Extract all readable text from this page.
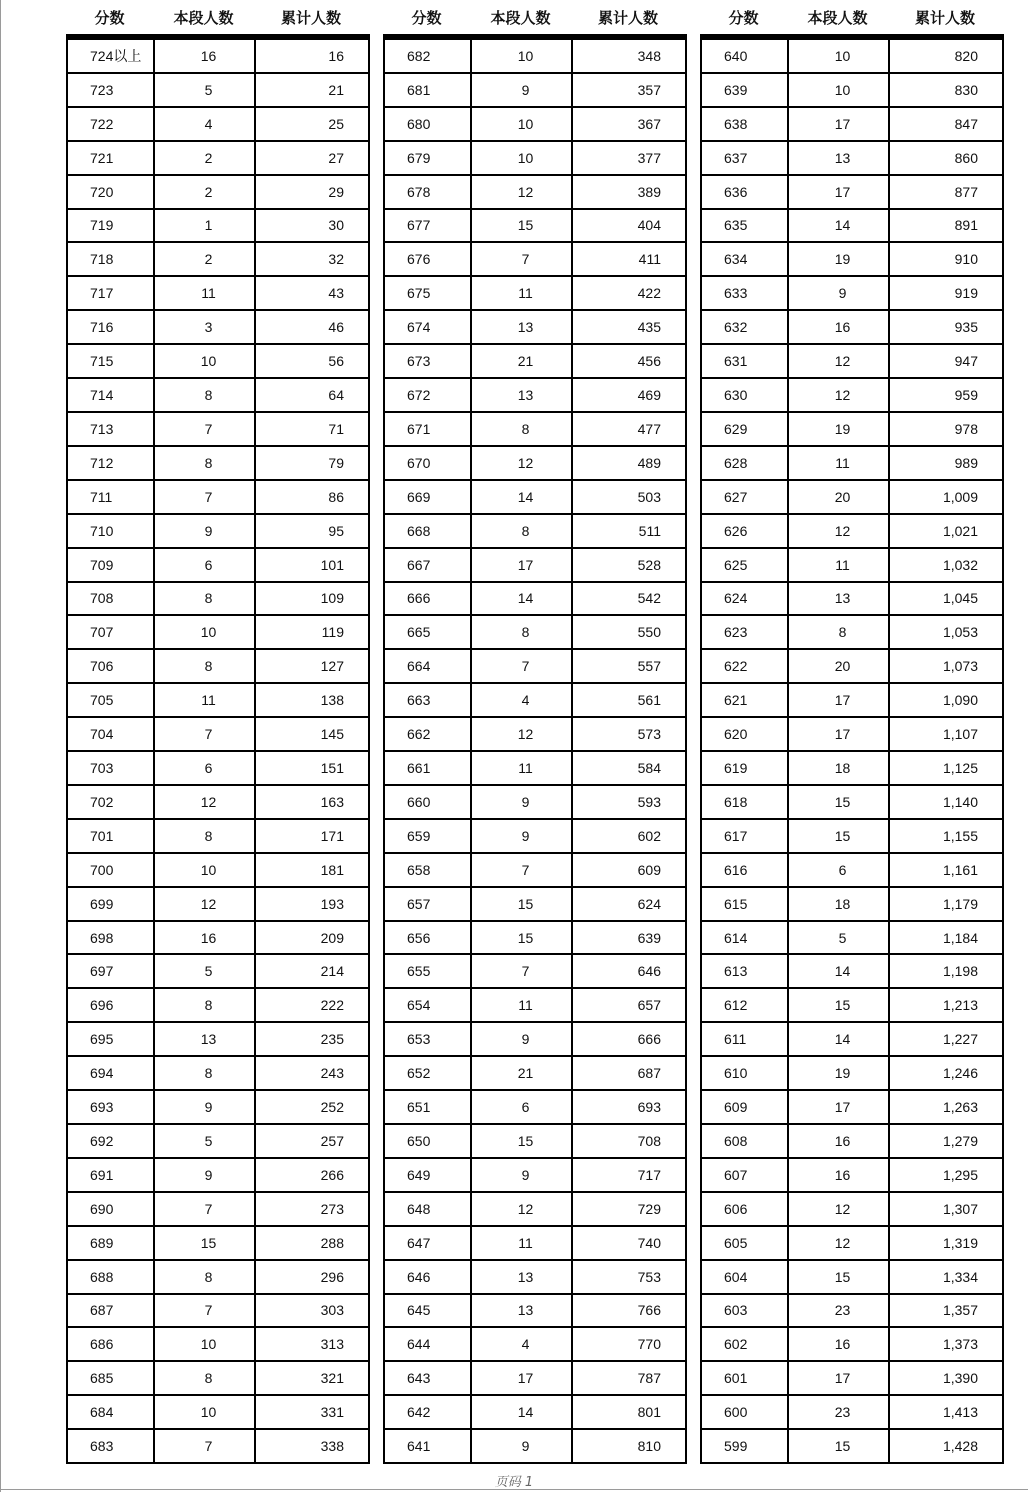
分数	本段人数	累计人数
724以上	16	16
723	5	21
722	4	25
721	2	27
720	2	29
719	1	30
718	2	32
717	11	43
716	3	46
715	10	56
714	8	64
713	7	71
712	8	79
711	7	86
710	9	95
709	6	101
708	8	109
707	10	119
706	8	127
705	11	138
704	7	145
703	6	151
702	12	163
701	8	171
700	10	181
699	12	193
698	16	209
697	5	214
696	8	222
695	13	235
694	8	243
693	9	252
692	5	257
691	9	266
690	7	273
689	15	288
688	8	296
687	7	303
686	10	313
685	8	321
684	10	331
683	7	338
分数	本段人数	累计人数
682	10	348
681	9	357
680	10	367
679	10	377
678	12	389
677	15	404
676	7	411
675	11	422
674	13	435
673	21	456
672	13	469
671	8	477
670	12	489
669	14	503
668	8	511
667	17	528
666	14	542
665	8	550
664	7	557
663	4	561
662	12	573
661	11	584
660	9	593
659	9	602
658	7	609
657	15	624
656	15	639
655	7	646
654	11	657
653	9	666
652	21	687
651	6	693
650	15	708
649	9	717
648	12	729
647	11	740
646	13	753
645	13	766
644	4	770
643	17	787
642	14	801
641	9	810
分数	本段人数	累计人数
640	10	820
639	10	830
638	17	847
637	13	860
636	17	877
635	14	891
634	19	910
633	9	919
632	16	935
631	12	947
630	12	959
629	19	978
628	11	989
627	20	1,009
626	12	1,021
625	11	1,032
624	13	1,045
623	8	1,053
622	20	1,073
621	17	1,090
620	17	1,107
619	18	1,125
618	15	1,140
617	15	1,155
616	6	1,161
615	18	1,179
614	5	1,184
613	14	1,198
612	15	1,213
611	14	1,227
610	19	1,246
609	17	1,263
608	16	1,279
607	16	1,295
606	12	1,307
605	12	1,319
604	15	1,334
603	23	1,357
602	16	1,373
601	17	1,390
600	23	1,413
599	15	1,428
页码 1
